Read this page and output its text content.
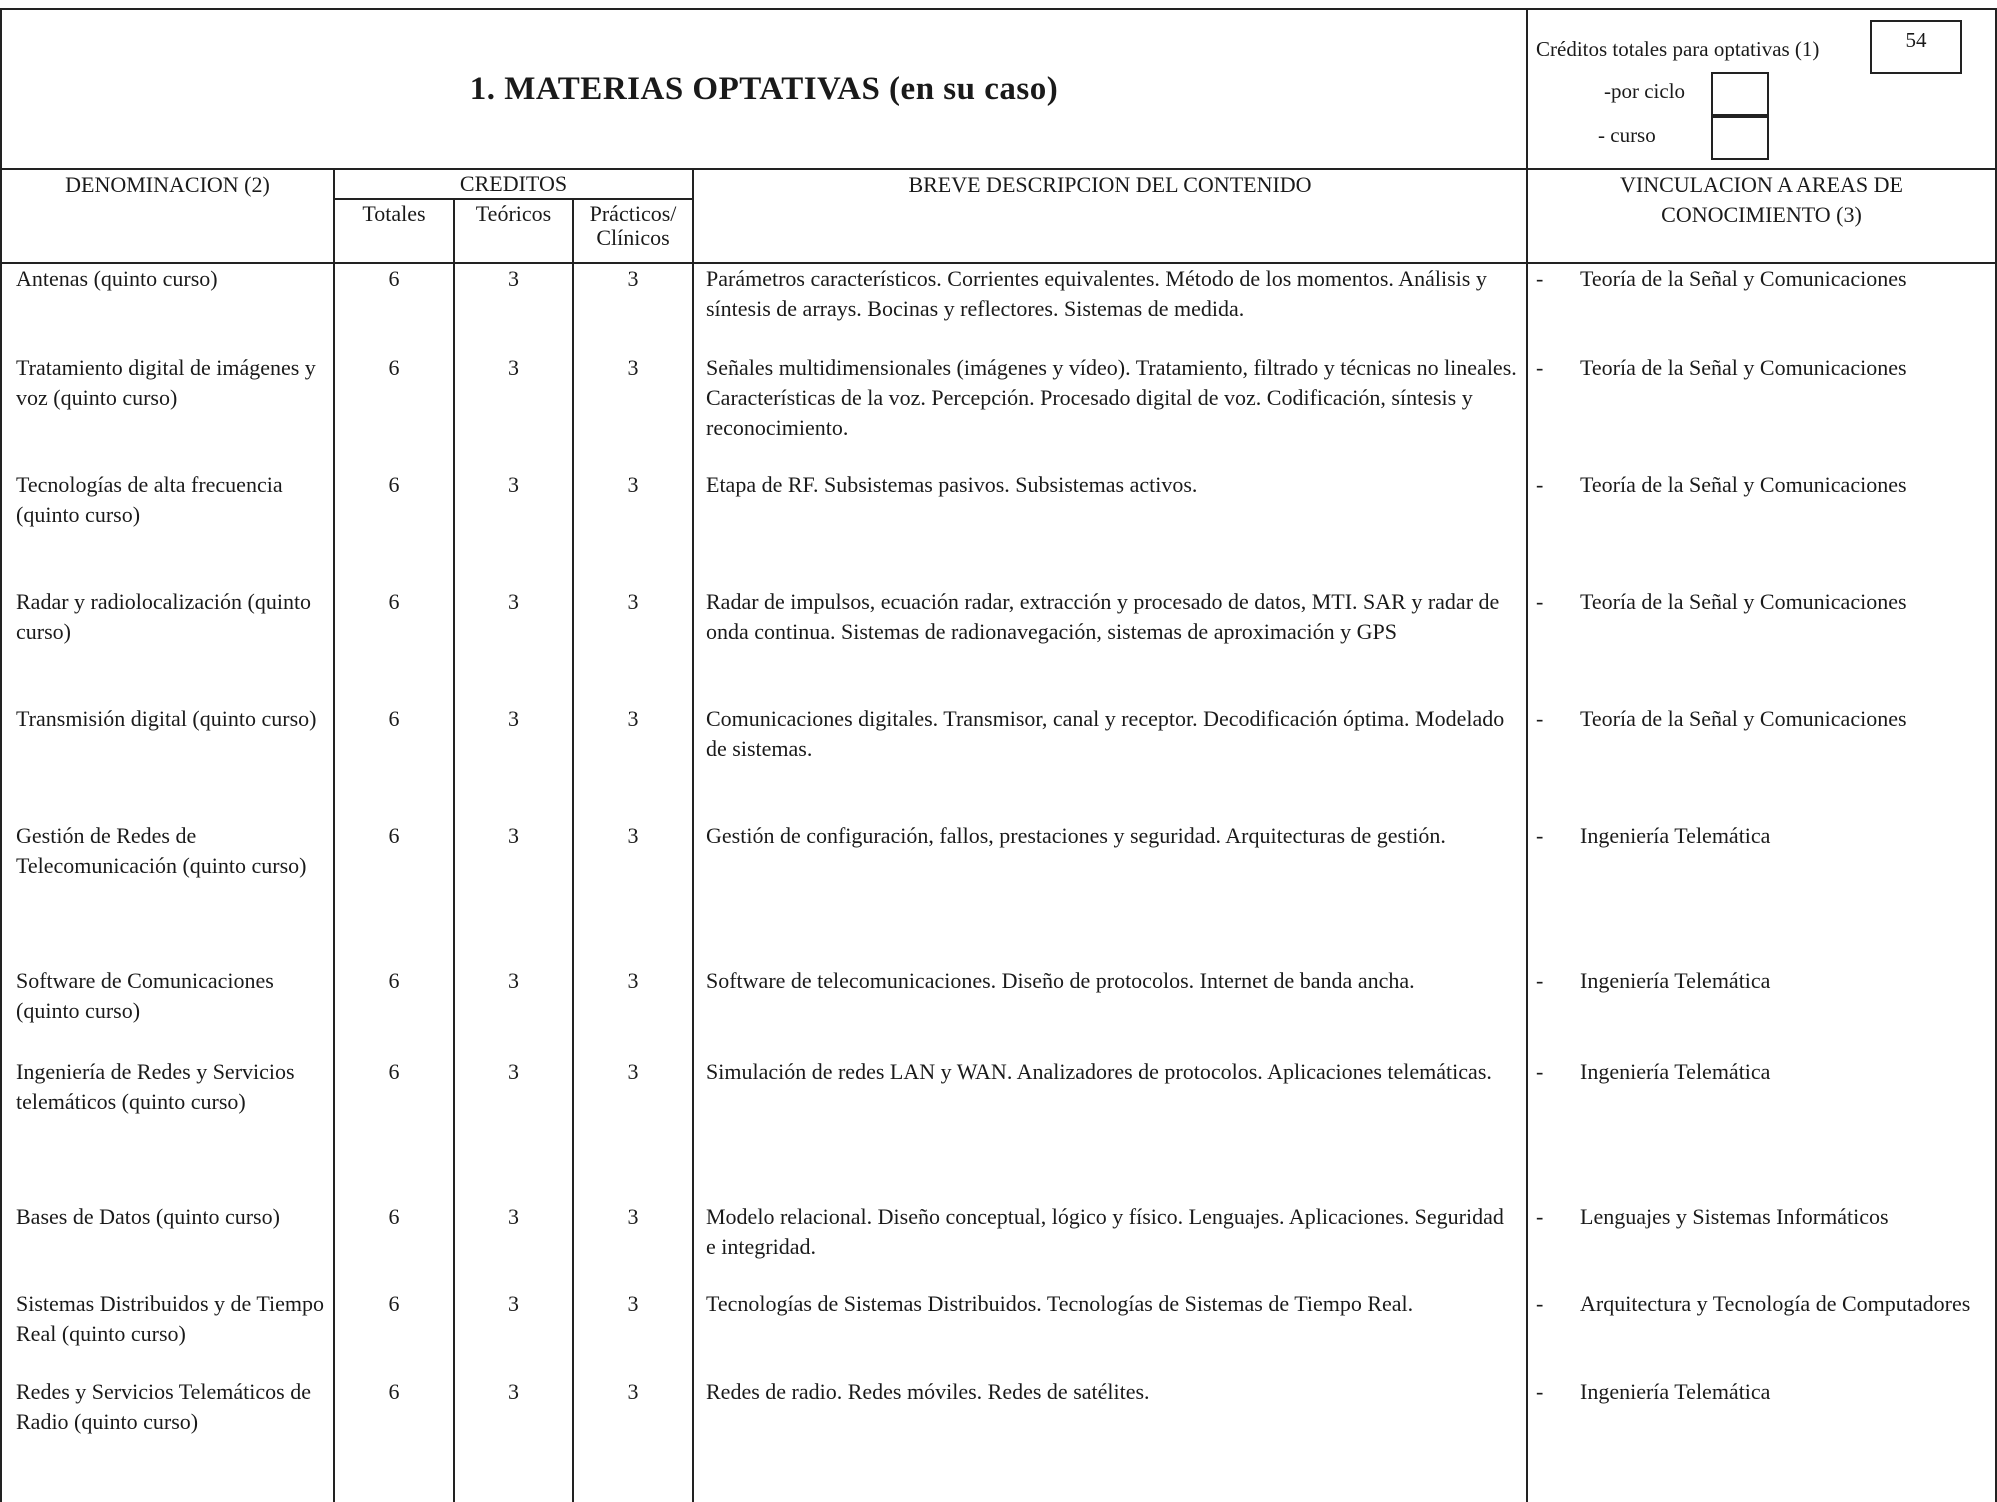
1. MATERIAS OPTATIVAS (en su caso)					Créditos totales para optativas (1) 54
-por ciclo
- curso

DENOMINACION (2)	CREDITOS
Totales Teóricos Prácticos/ Clínicos			BREVE DESCRIPCION DEL CONTENIDO	VINCULACION A AREAS DE CONOCIMIENTO (3)
Antenas (quinto curso)	6	3	3	Parámetros característicos. Corrientes equivalentes. Método de los momentos. Análisis y síntesis de arrays. Bocinas y reflectores. Sistemas de medida.	- Teoría de la Señal y Comunicaciones

Tratamiento digital de imágenes y voz (quinto curso)	6	3	3	Señales multidimensionales (imágenes y vídeo). Tratamiento, filtrado y técnicas no lineales. Características de la voz. Percepción. Procesado digital de voz. Codificación, síntesis y reconocimiento.	- Teoría de la Señal y Comunicaciones

Tecnologías de alta frecuencia (quinto curso)	6	3	3	Etapa de RF. Subsistemas pasivos. Subsistemas activos.	- Teoría de la Señal y Comunicaciones

Radar y radiolocalización (quinto curso)	6	3	3	Radar de impulsos, ecuación radar, extracción y procesado de datos, MTI. SAR y radar de onda continua. Sistemas de radionavegación, sistemas de aproximación y GPS	- Teoría de la Señal y Comunicaciones

Transmisión digital (quinto curso)	6	3	3	Comunicaciones digitales. Transmisor, canal y receptor. Decodificación óptima. Modelado de sistemas.	- Teoría de la Señal y Comunicaciones

Gestión de Redes de Telecomunicación (quinto curso)	6	3	3	Gestión de configuración, fallos, prestaciones y seguridad. Arquitecturas de gestión.	- Ingeniería Telemática

Software de Comunicaciones (quinto curso)	6	3	3	Software de telecomunicaciones. Diseño de protocolos. Internet de banda ancha.	- Ingeniería Telemática

Ingeniería de Redes y Servicios telemáticos (quinto curso)	6	3	3	Simulación de redes LAN y WAN. Analizadores de protocolos. Aplicaciones telemáticas.	- Ingeniería Telemática

Bases de Datos (quinto curso)	6	3	3	Modelo relacional. Diseño conceptual, lógico y físico. Lenguajes. Aplicaciones. Seguridad e integridad.	- Lenguajes y Sistemas Informáticos

Sistemas Distribuidos y de Tiempo Real (quinto curso)	6	3	3	Tecnologías de Sistemas Distribuidos. Tecnologías de Sistemas de Tiempo Real.	- Arquitectura y Tecnología de Computadores

Redes y Servicios Telemáticos de Radio (quinto curso)	6	3	3	Redes de radio. Redes móviles. Redes de satélites.	- Ingeniería Telemática
